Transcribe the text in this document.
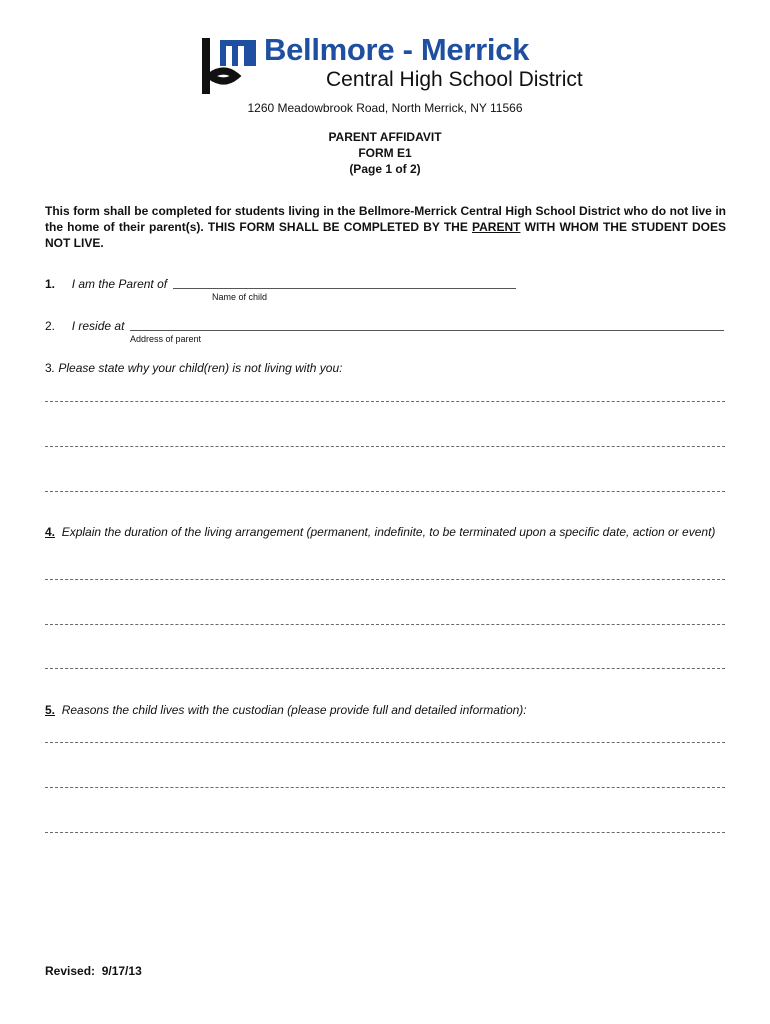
Bellmore - Merrick
Central High School District
1260 Meadowbrook Road, North Merrick, NY 11566
PARENT AFFIDAVIT
FORM E1
(Page 1 of 2)
This form shall be completed for students living in the Bellmore-Merrick Central High School District who do not live in the home of their parent(s). THIS FORM SHALL BE COMPLETED BY THE PARENT WITH WHOM THE STUDENT DOES NOT LIVE.
1. I am the Parent of
Name of child
2. I reside at
Address of parent
3. Please state why your child(ren) is not living with you:
4. Explain the duration of the living arrangement (permanent, indefinite, to be terminated upon a specific date, action or event)
5. Reasons the child lives with the custodian (please provide full and detailed information):
Revised: 9/17/13
